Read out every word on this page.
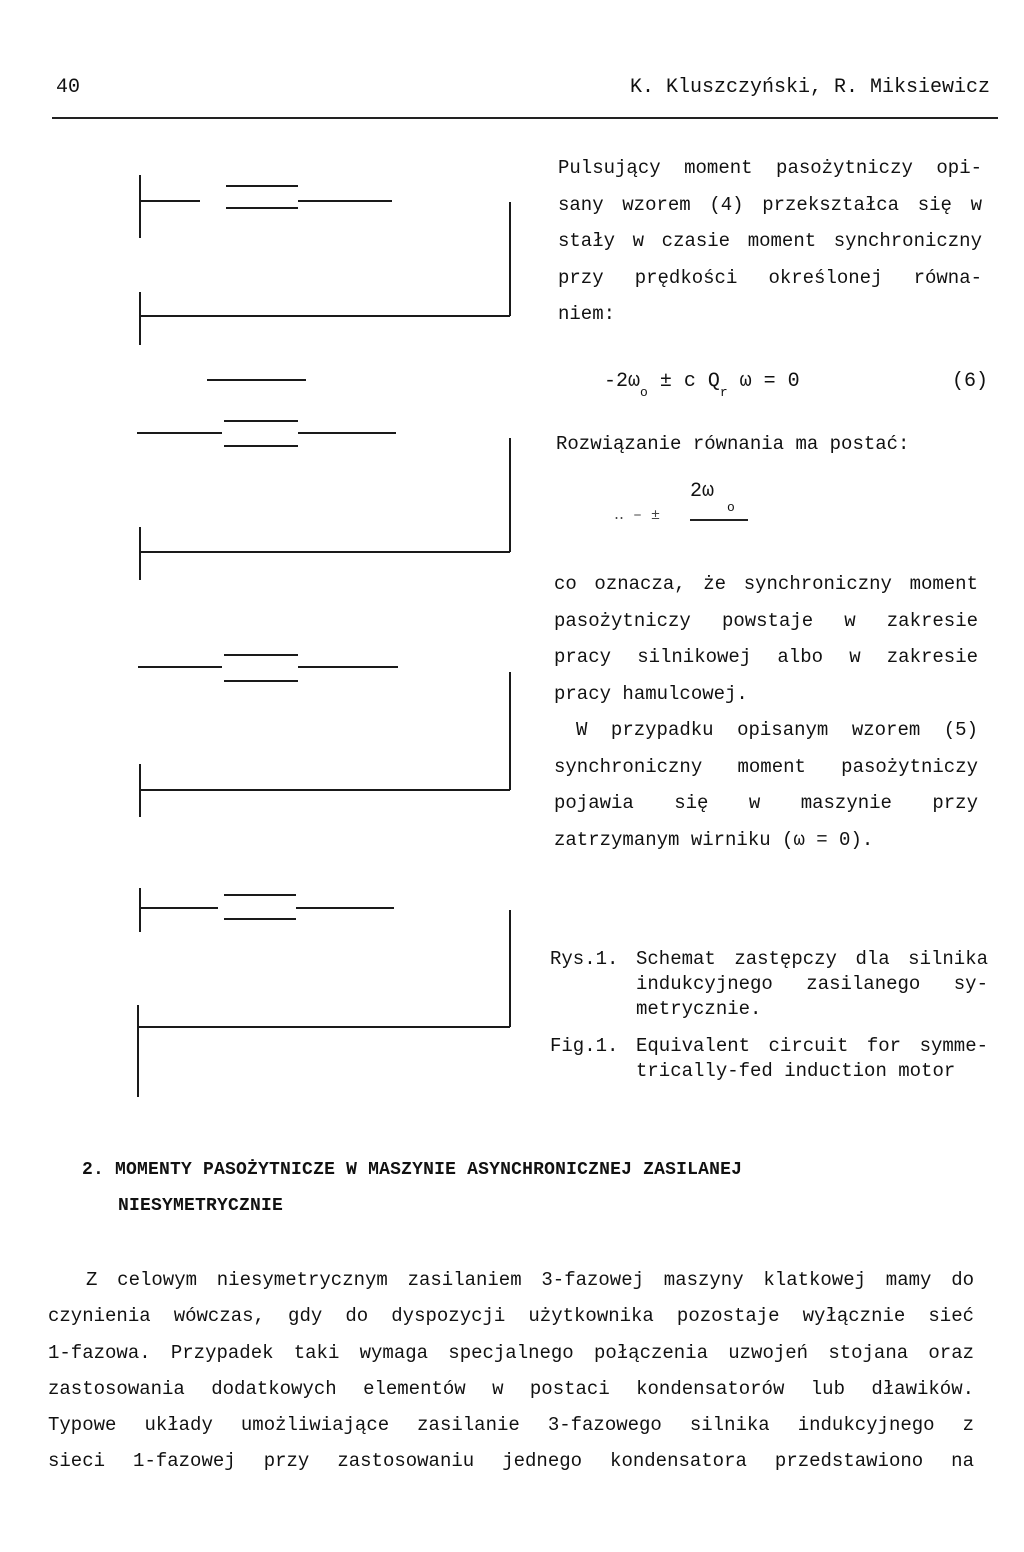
40	K. Kluszczyński, R. Miksiewicz
Pulsujący moment pasożytniczy opi-
sany wzorem (4) przekształca się w
stały w czasie moment synchroniczny
przy prędkości określonej równa-
niem:
$-2\omega_o \pm c$ $Q_r$ ω = 0	(6)
Rozwiązanie równania ma postać:
2ω
‥ ‒ ±	o
co oznacza, że synchroniczny moment
pasożytniczy powstaje w zakresie
pracy silnikowej albo w zakresie
pracy hamulcowej.
W przypadku opisanym wzorem (5)
synchroniczny moment pasożytniczy
pojawia się w maszynie przy
zatrzymanym wirniku (ω = 0).
Rys.1. Schemat zastępczy dla silnika
indukcyjnego zasilanego sy-
metrycznie.
Fig.1. Equivalent circuit for symme-
trically-fed induction motor
2. MOMENTY PASOŻYTNICZE W MASZYNIE ASYNCHRONICZNEJ ZASILANEJ
NIESYMETRYCZNIE
Z celowym niesymetrycznym zasilaniem 3-fazowej maszyny klatkowej mamy do
czynienia wówczas, gdy do dyspozycji użytkownika pozostaje wyłącznie sieć
1-fazowa. Przypadek taki wymaga specjalnego połączenia uzwojeń stojana oraz
zastosowania dodatkowych elementów w postaci kondensatorów lub dławików.
Typowe układy umożliwiające zasilanie 3-fazowego silnika indukcyjnego z
sieci 1-fazowej przy zastosowaniu jednego kondensatora przedstawiono na
